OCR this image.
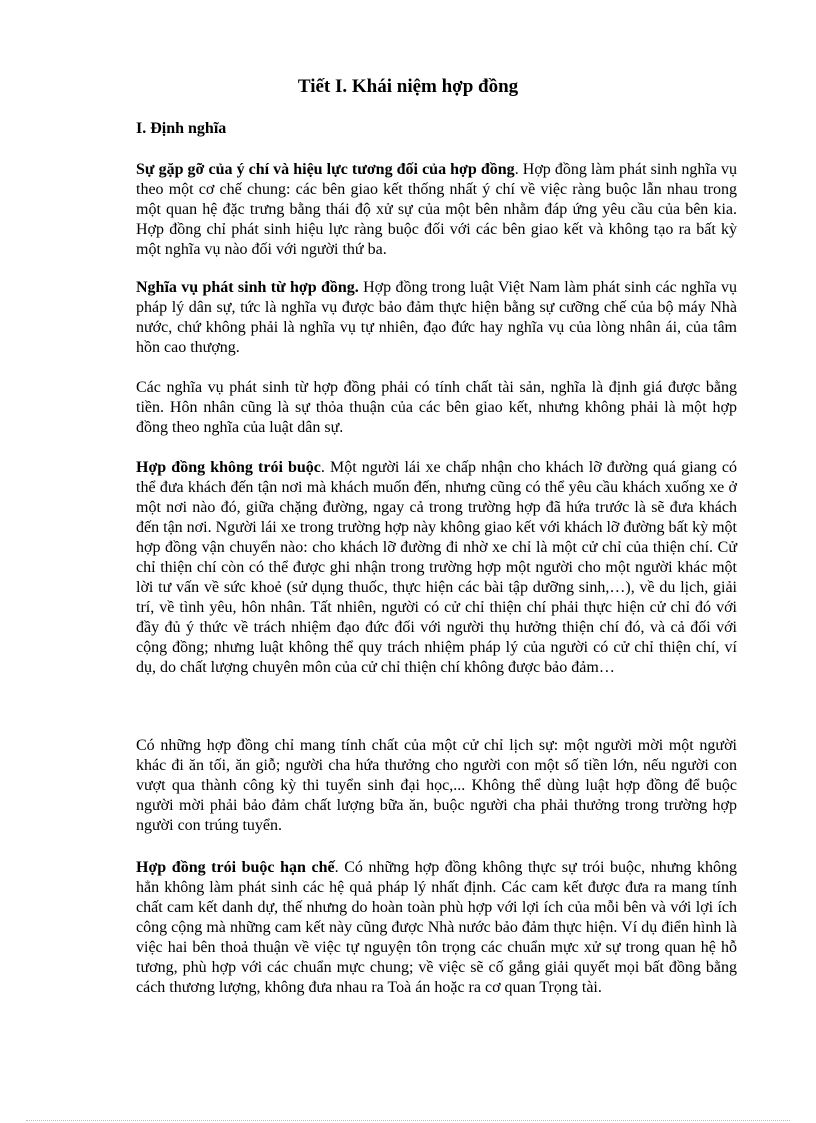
Tiết I. Khái niệm hợp đồng
I. Định nghĩa

Sự gặp gỡ của ý chí và hiệu lực tương đối của hợp đồng. Hợp đồng làm phát sinh nghĩa vụ theo một cơ chế chung: các bên giao kết thống nhất ý chí về việc ràng buộc lẫn nhau trong một quan hệ đặc trưng bằng thái độ xử sự của một bên nhằm đáp ứng yêu cầu của bên kia. Hợp đồng chỉ phát sinh hiệu lực ràng buộc đối với các bên giao kết và không tạo ra bất kỳ một nghĩa vụ nào đối với người thứ ba.

Nghĩa vụ phát sinh từ hợp đồng. Hợp đồng trong luật Việt Nam làm phát sinh các nghĩa vụ pháp lý dân sự, tức là nghĩa vụ được bảo đảm thực hiện bằng sự cưỡng chế của bộ máy Nhà nước, chứ không phải là nghĩa vụ tự nhiên, đạo đức hay nghĩa vụ của lòng nhân ái, của tâm hồn cao thượng.

Các nghĩa vụ phát sinh từ hợp đồng phải có tính chất tài sản, nghĩa là định giá được bằng tiền. Hôn nhân cũng là sự thỏa thuận của các bên giao kết, nhưng không phải là một hợp đồng theo nghĩa của luật dân sự.

Hợp đồng không trói buộc. Một người lái xe chấp nhận cho khách lỡ đường quá giang có thể đưa khách đến tận nơi mà khách muốn đến, nhưng cũng có thể yêu cầu khách xuống xe ở một nơi nào đó, giữa chặng đường, ngay cả trong trường hợp đã hứa trước là sẽ đưa khách đến tận nơi. Người lái xe trong trường hợp này không giao kết với khách lỡ đường bất kỳ một hợp đồng vận chuyển nào: cho khách lỡ đường đi nhờ xe chỉ là một cử chỉ của thiện chí. Cử chỉ thiện chí còn có thể được ghi nhận trong trường hợp một người cho một người khác một lời tư vấn về sức khoẻ (sử dụng thuốc, thực hiện các bài tập dưỡng sinh,…), về du lịch, giải trí, về tình yêu, hôn nhân. Tất nhiên, người có cử chỉ thiện chí phải thực hiện cử chỉ đó với đầy đủ ý thức về trách nhiệm đạo đức đối với người thụ hưởng thiện chí đó, và cả đối với cộng đồng; nhưng luật không thể quy trách nhiệm pháp lý của người có cử chỉ thiện chí, ví dụ, do chất lượng chuyên môn của cử chỉ thiện chí không được bảo đảm…

Có những hợp đồng chỉ mang tính chất của một cử chỉ lịch sự: một người mời một người khác đi ăn tối, ăn giỗ; người cha hứa thưởng cho người con một số tiền lớn, nếu người con vượt qua thành công kỳ thi tuyển sinh đại học,... Không thể dùng luật hợp đồng để buộc người mời phải bảo đảm chất lượng bữa ăn, buộc người cha phải thưởng trong trường hợp người con trúng tuyển.

Hợp đồng trói buộc hạn chế. Có những hợp đồng không thực sự trói buộc, nhưng không hẳn không làm phát sinh các hệ quả pháp lý nhất định. Các cam kết được đưa ra mang tính chất cam kết danh dự, thế nhưng do hoàn toàn phù hợp với lợi ích của mỗi bên và với lợi ích công cộng mà những cam kết này cũng được Nhà nước bảo đảm thực hiện. Ví dụ điển hình là việc hai bên thoả thuận về việc tự nguyện tôn trọng các chuẩn mực xử sự trong quan hệ hỗ tương, phù hợp với các chuẩn mực chung; về việc sẽ cố gắng giải quyết mọi bất đồng bằng cách thương lượng, không đưa nhau ra Toà án hoặc ra cơ quan Trọng tài.
